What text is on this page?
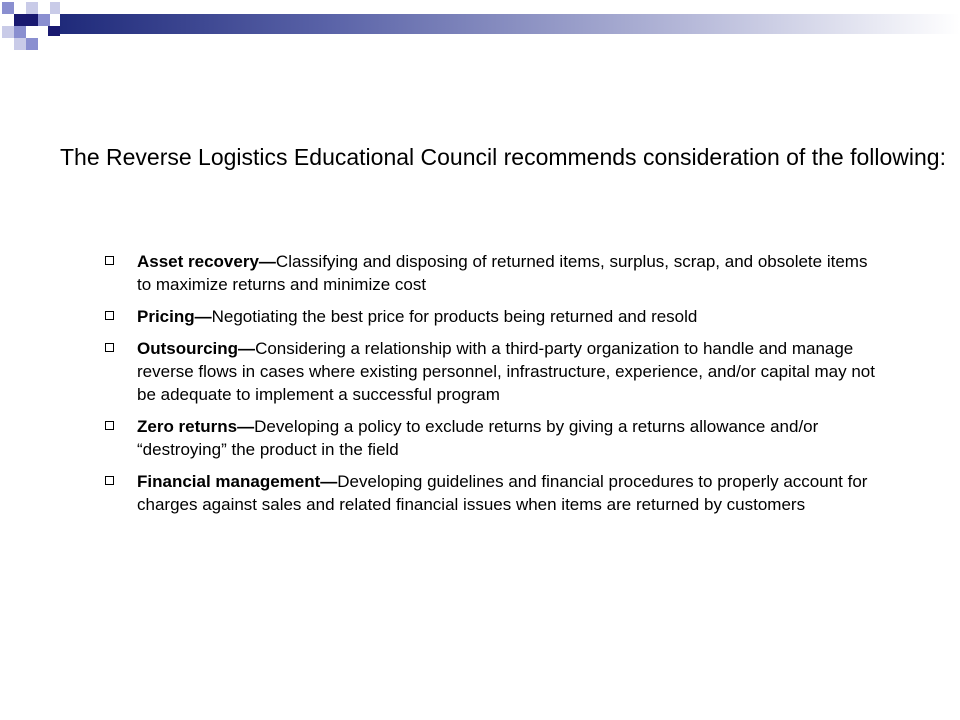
The Reverse Logistics Educational Council recommends consideration of the following:

Asset recovery—Classifying and disposing of returned items, surplus, scrap, and obsolete items to maximize returns and minimize cost
Pricing—Negotiating the best price for products being returned and resold
Outsourcing—Considering a relationship with a third-party organization to handle and manage reverse flows in cases where existing personnel, infrastructure, experience, and/or capital may not be adequate to implement a successful program
Zero returns—Developing a policy to exclude returns by giving a returns allowance and/or “destroying” the product in the field
Financial management—Developing guidelines and financial procedures to properly account for charges against sales and related financial issues when items are returned by customers
